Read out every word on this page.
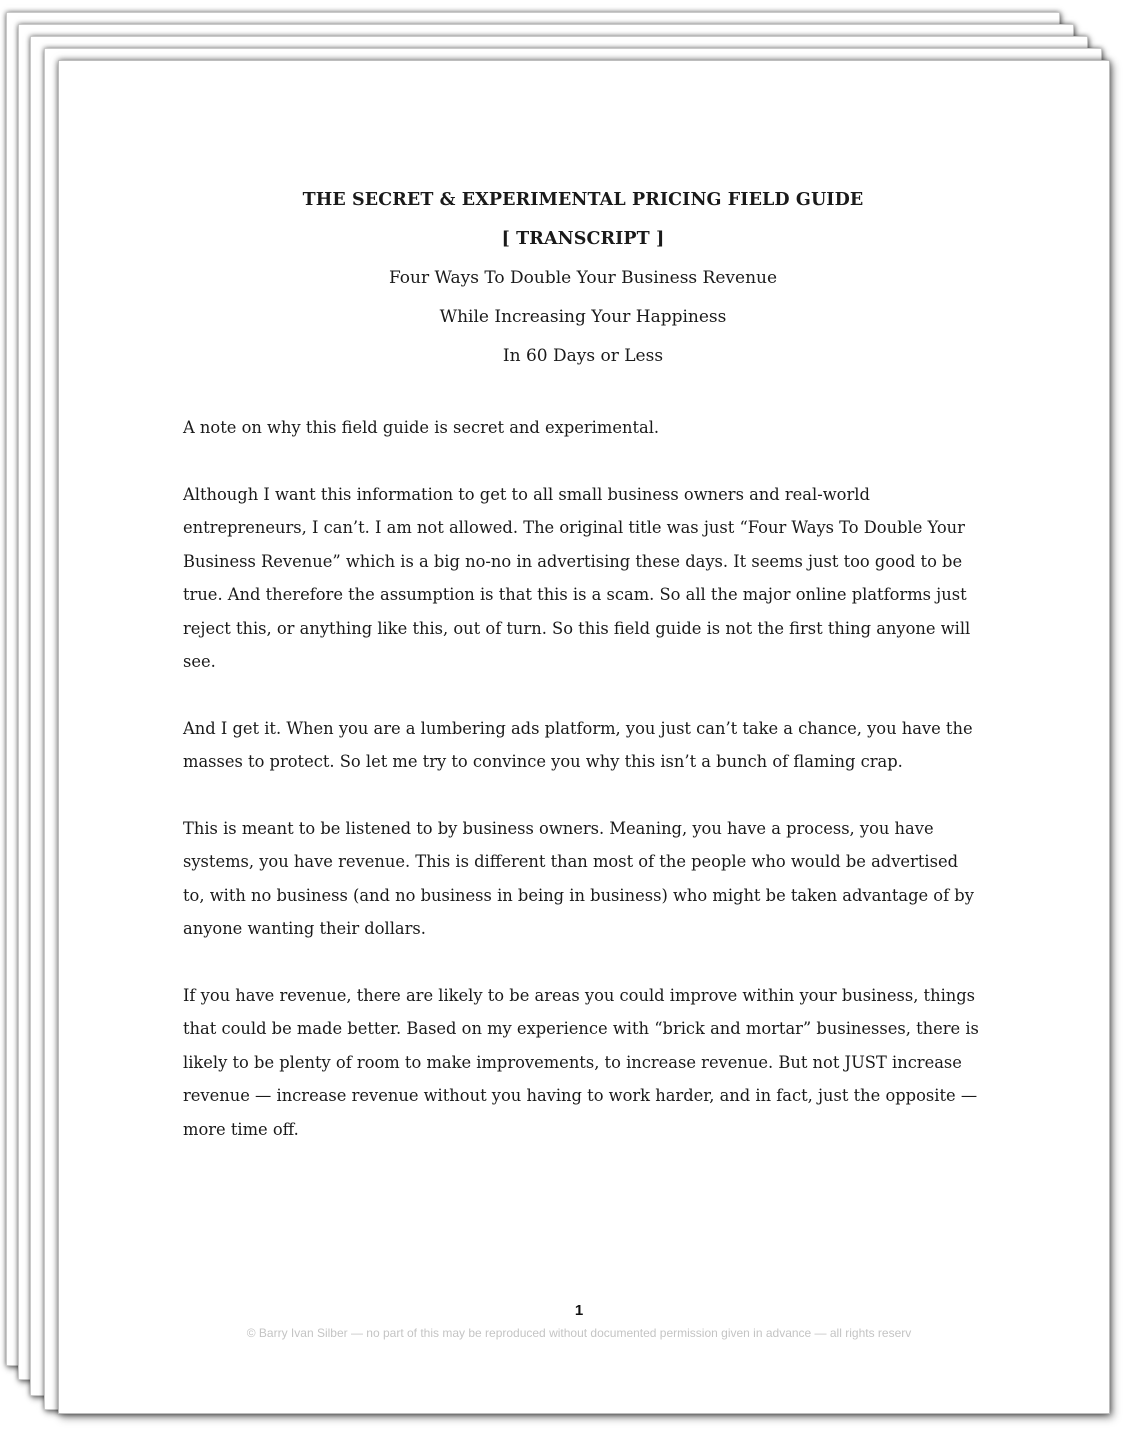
THE SECRET & EXPERIMENTAL PRICING FIELD GUIDE

[ TRANSCRIPT ]

Four Ways To Double Your Business Revenue

While Increasing Your Happiness

In 60 Days or Less

A note on why this field guide is secret and experimental.

Although I want this information to get to all small business owners and real-world entrepreneurs, I can’t. I am not allowed. The original title was just “Four Ways To Double Your Business Revenue” which is a big no-no in advertising these days. It seems just too good to be true. And therefore the assumption is that this is a scam. So all the major online platforms just reject this, or anything like this, out of turn. So this field guide is not the first thing anyone will see.

And I get it. When you are a lumbering ads platform, you just can’t take a chance, you have the masses to protect. So let me try to convince you why this isn’t a bunch of flaming crap.

This is meant to be listened to by business owners. Meaning, you have a process, you have systems, you have revenue. This is different than most of the people who would be advertised to, with no business (and no business in being in business) who might be taken advantage of by anyone wanting their dollars.

If you have revenue, there are likely to be areas you could improve within your business, things that could be made better. Based on my experience with “brick and mortar” businesses, there is likely to be plenty of room to make improvements, to increase revenue. But not JUST increase revenue — increase revenue without you having to work harder, and in fact, just the opposite — more time off.

1
© Barry Ivan Silber — no part of this may be reproduced without documented permission given in advance — all rights reserv
